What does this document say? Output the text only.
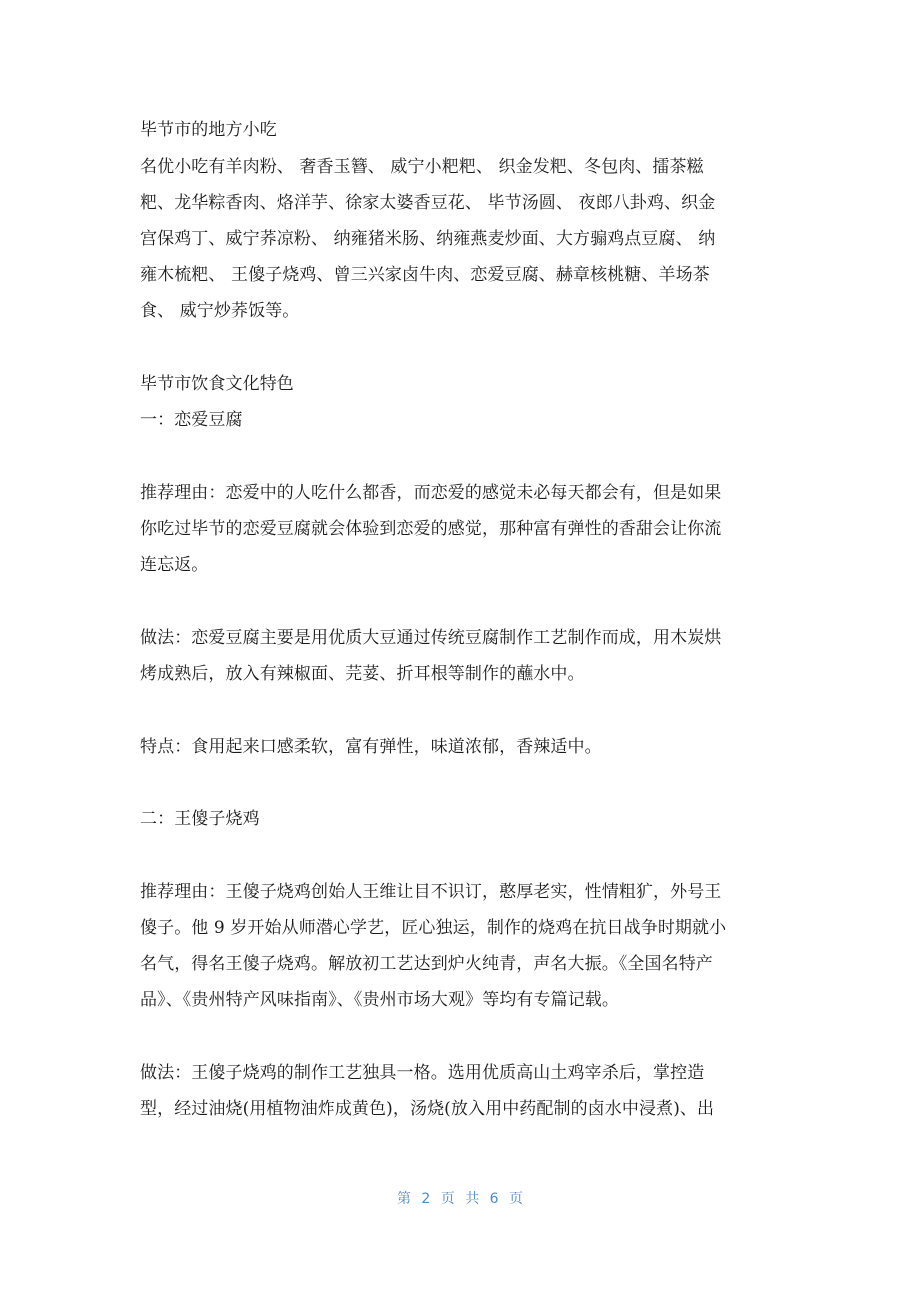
毕节市的地方小吃
名优小吃有羊肉粉、 奢香玉簪、 威宁小粑粑、 织金发粑、冬包肉、擂茶糍
粑、龙华粽香肉、烙洋芋、徐家太婆香豆花、 毕节汤圆、 夜郎八卦鸡、织金
宫保鸡丁、威宁荞凉粉、 纳雍猪米肠、纳雍燕麦炒面、大方骟鸡点豆腐、 纳
雍木梳粑、 王傻子烧鸡、曾三兴家卤牛肉、恋爱豆腐、赫章核桃糖、羊场茶
食、 威宁炒荞饭等。
毕节市饮食文化特色
一：恋爱豆腐
推荐理由：恋爱中的人吃什么都香，而恋爱的感觉未必每天都会有，但是如果
你吃过毕节的恋爱豆腐就会体验到恋爱的感觉，那种富有弹性的香甜会让你流
连忘返。
做法：恋爱豆腐主要是用优质大豆通过传统豆腐制作工艺制作而成，用木炭烘
烤成熟后，放入有辣椒面、芫荽、折耳根等制作的蘸水中。
特点：食用起来口感柔软，富有弹性，味道浓郁，香辣适中。
二：王傻子烧鸡
推荐理由：王傻子烧鸡创始人王维让目不识订，憨厚老实，性情粗犷，外号王
傻子。他 9 岁开始从师潜心学艺，匠心独运，制作的烧鸡在抗日战争时期就小
名气，得名王傻子烧鸡。解放初工艺达到炉火纯青，声名大振。《全国名特产
品》、《贵州特产风味指南》、《贵州市场大观》等均有专篇记载。
做法：王傻子烧鸡的制作工艺独具一格。选用优质高山土鸡宰杀后，掌控造
型，经过油烧(用植物油炸成黄色)，汤烧(放入用中药配制的卤水中浸煮)、出
第 2 页 共 6 页
